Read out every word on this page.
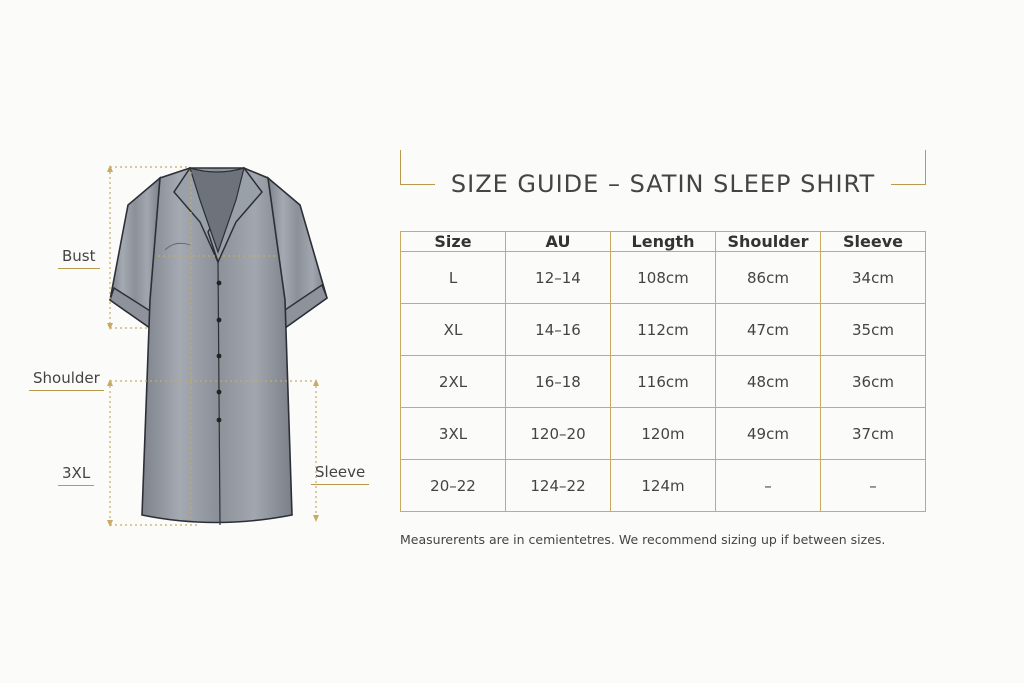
Bust
Shoulder
3XL	Sleeve
SIZE GUIDE – SATIN SLEEP SHIRT
Size	AU	Length	Shoulder	Sleeve
L	12–14	108cm	86cm	34cm
XL	14–16	112cm	47cm	35cm
2XL	16–18	116cm	48cm	36cm
3XL	120–20	120m	49cm	37cm
20–22	124–22	124m	–	–
Measurerents are in cemientetres. We recommend sizing up if between sizes.
